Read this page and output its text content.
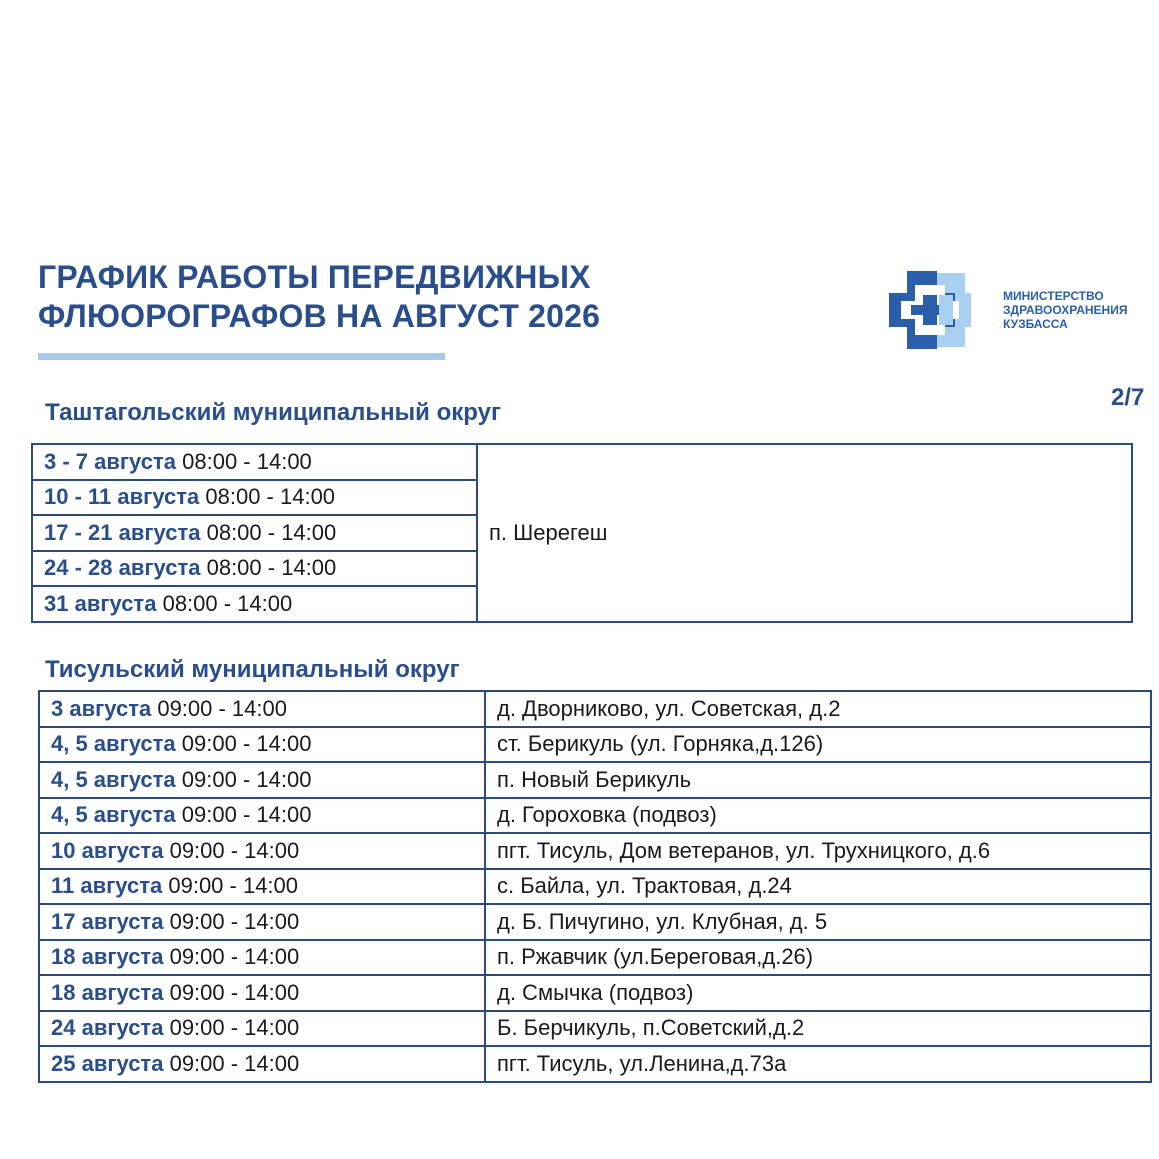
ГРАФИК РАБОТЫ ПЕРЕДВИЖНЫХ
ФЛЮОРОГРАФОВ НА АВГУСТ 2026
МИНИСТЕРСТВО
ЗДРАВООХРАНЕНИЯ
КУЗБАССА
2/7
Таштагольский муниципальный округ
3 - 7 августа 08:00 - 14:00	п. Шерегеш
10 - 11 августа 08:00 - 14:00
17 - 21 августа 08:00 - 14:00
24 - 28 августа 08:00 - 14:00
31 августа 08:00 - 14:00
Тисульский муниципальный округ
3 августа 09:00 - 14:00	д. Дворниково, ул. Советская, д.2
4, 5 августа 09:00 - 14:00	ст. Берикуль (ул. Горняка,д.126)
4, 5 августа 09:00 - 14:00	п. Новый Берикуль
4, 5 августа 09:00 - 14:00	д. Гороховка (подвоз)
10 августа 09:00 - 14:00	пгт. Тисуль, Дом ветеранов, ул. Трухницкого, д.6
11 августа 09:00 - 14:00	с. Байла, ул. Трактовая, д.24
17 августа 09:00 - 14:00	д. Б. Пичугино, ул. Клубная, д. 5
18 августа 09:00 - 14:00	п. Ржавчик (ул.Береговая,д.26)
18 августа 09:00 - 14:00	д. Смычка (подвоз)
24 августа 09:00 - 14:00	Б. Берчикуль, п.Советский,д.2
25 августа 09:00 - 14:00	пгт. Тисуль, ул.Ленина,д.73а
